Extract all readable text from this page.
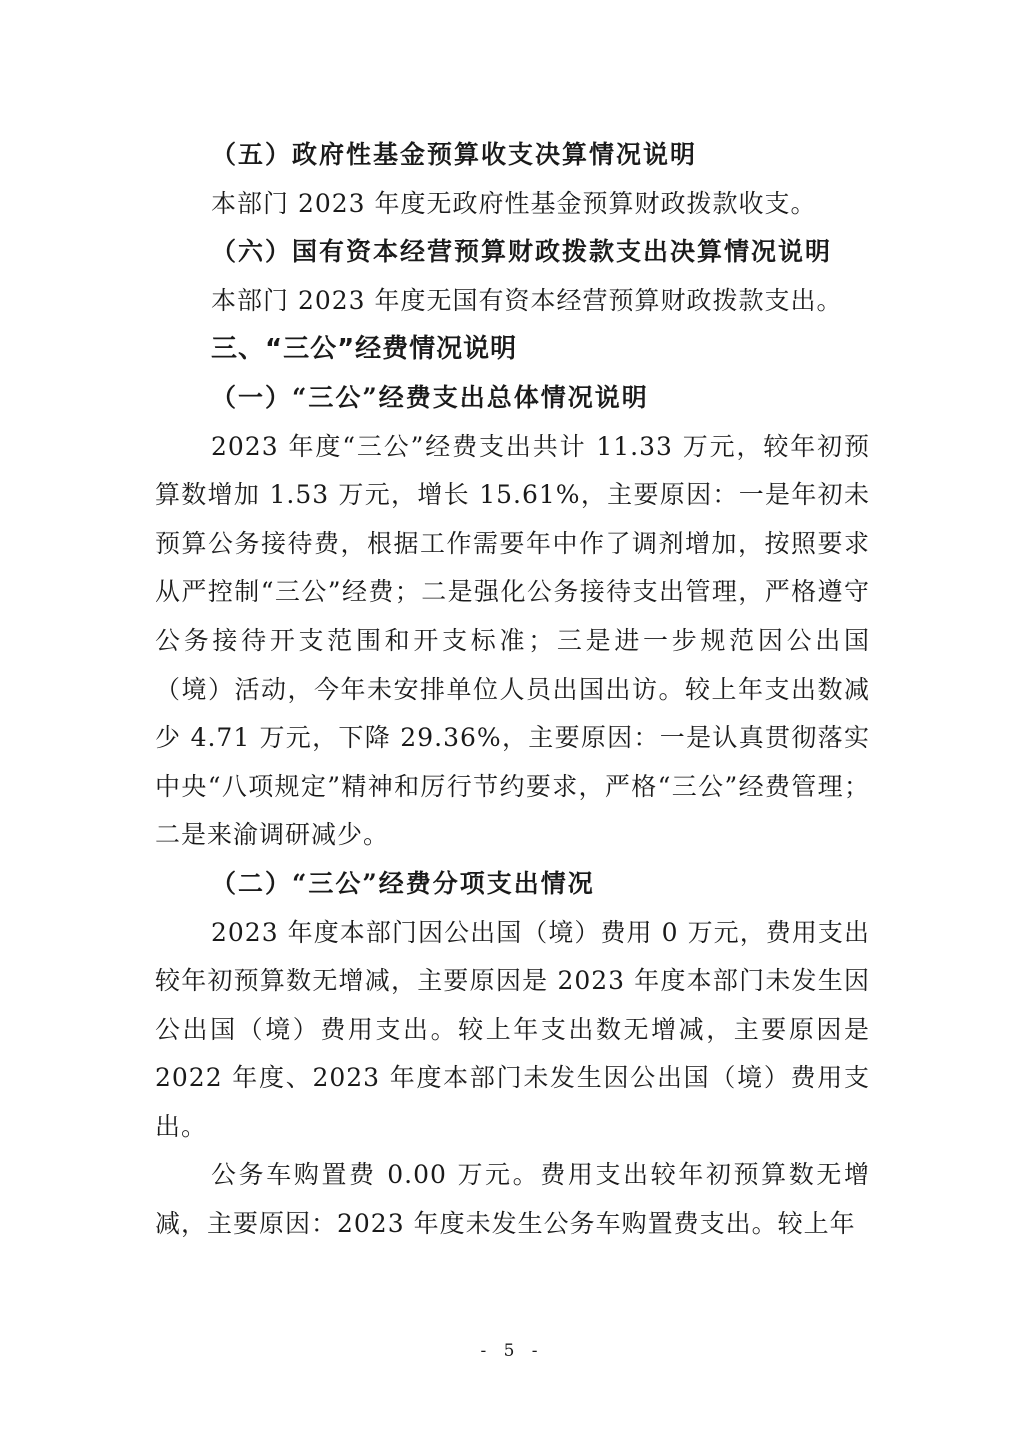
（五）政府性基金预算收支决算情况说明

本部门 2023 年度无政府性基金预算财政拨款收支。

（六）国有资本经营预算财政拨款支出决算情况说明

本部门 2023 年度无国有资本经营预算财政拨款支出。

三、“三公”经费情况说明
（一）“三公”经费支出总体情况说明

2023 年度“三公”经费支出共计 11.33 万元，较年初预算数增加 1.53 万元，增长 15.61%，主要原因：一是年初未预算公务接待费，根据工作需要年中作了调剂增加，按照要求从严控制“三公”经费；二是强化公务接待支出管理，严格遵守公务接待开支范围和开支标准；三是进一步规范因公出国（境）活动，今年未安排单位人员出国出访。较上年支出数减少 4.71 万元，下降 29.36%，主要原因：一是认真贯彻落实中央“八项规定”精神和厉行节约要求，严格“三公”经费管理；二是来渝调研减少。

（二）“三公”经费分项支出情况

2023 年度本部门因公出国（境）费用 0 万元，费用支出较年初预算数无增减，主要原因是 2023 年度本部门未发生因公出国（境）费用支出。较上年支出数无增减，主要原因是 2022 年度、2023 年度本部门未发生因公出国（境）费用支出。

公务车购置费 0.00 万元。费用支出较年初预算数无增减，主要原因：2023 年度未发生公务车购置费支出。较上年

- 5 -
